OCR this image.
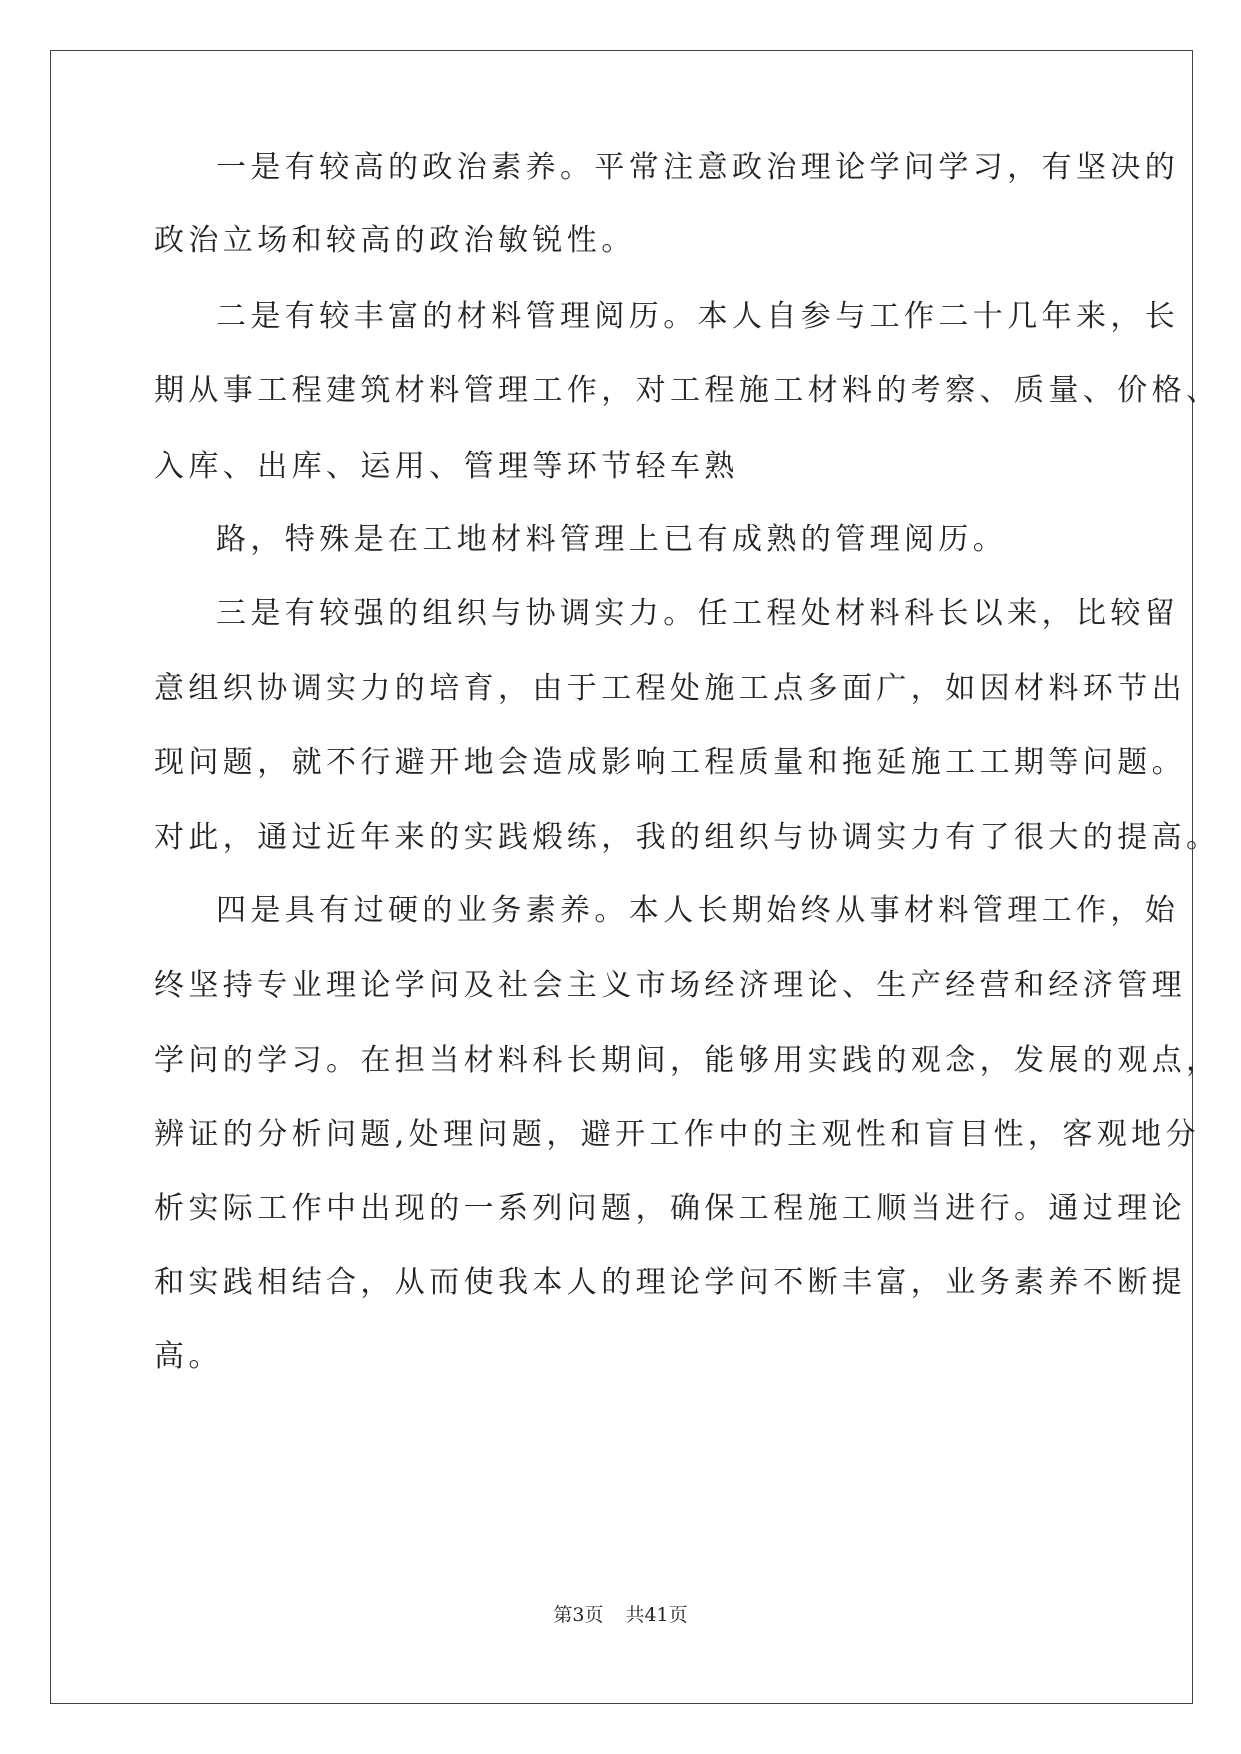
一是有较高的政治素养。平常注意政治理论学问学习，有坚决的
政治立场和较高的政治敏锐性。
二是有较丰富的材料管理阅历。本人自参与工作二十几年来，长
期从事工程建筑材料管理工作，对工程施工材料的考察、质量、价格、
入库、出库、运用、管理等环节轻车熟
路，特殊是在工地材料管理上已有成熟的管理阅历。
三是有较强的组织与协调实力。任工程处材料科长以来，比较留
意组织协调实力的培育，由于工程处施工点多面广，如因材料环节出
现问题，就不行避开地会造成影响工程质量和拖延施工工期等问题。
对此，通过近年来的实践煅练，我的组织与协调实力有了很大的提高。
四是具有过硬的业务素养。本人长期始终从事材料管理工作，始
终坚持专业理论学问及社会主义市场经济理论、生产经营和经济管理
学问的学习。在担当材料科长期间，能够用实践的观念，发展的观点，
辨证的分析问题,处理问题，避开工作中的主观性和盲目性，客观地分
析实际工作中出现的一系列问题，确保工程施工顺当进行。通过理论
和实践相结合，从而使我本人的理论学问不断丰富，业务素养不断提
高。
第3页 共41页
